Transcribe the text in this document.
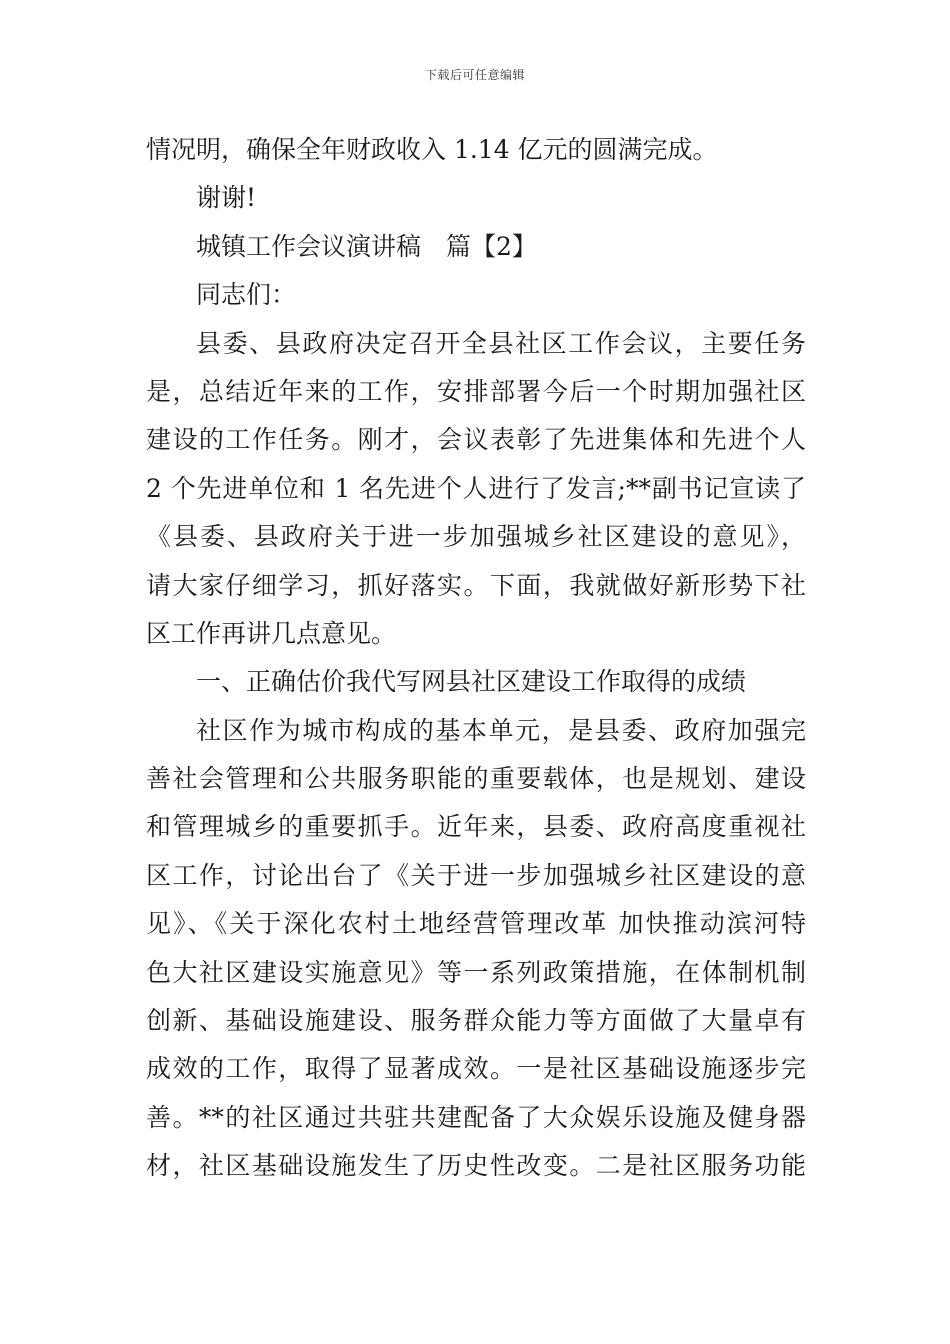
下载后可任意编辑
情况明，确保全年财政收入 1.14 亿元的圆满完成。
谢谢!
城镇工作会议演讲稿　篇【2】
同志们：
县委、县政府决定召开全县社区工作会议，主要任务
是，总结近年来的工作，安排部署今后一个时期加强社区
建设的工作任务。刚才，会议表彰了先进集体和先进个人
2 个先进单位和 1 名先进个人进行了发言;**副书记宣读了
《县委、县政府关于进一步加强城乡社区建设的意见》，
请大家仔细学习，抓好落实。下面，我就做好新形势下社
区工作再讲几点意见。
一、正确估价我代写网县社区建设工作取得的成绩
社区作为城市构成的基本单元，是县委、政府加强完
善社会管理和公共服务职能的重要载体，也是规划、建设
和管理城乡的重要抓手。近年来，县委、政府高度重视社
区工作，讨论出台了《关于进一步加强城乡社区建设的意
见》、《关于深化农村土地经营管理改革 加快推动滨河特
色大社区建设实施意见》等一系列政策措施，在体制机制
创新、基础设施建设、服务群众能力等方面做了大量卓有
成效的工作，取得了显著成效。一是社区基础设施逐步完
善。**的社区通过共驻共建配备了大众娱乐设施及健身器
材，社区基础设施发生了历史性改变。二是社区服务功能
